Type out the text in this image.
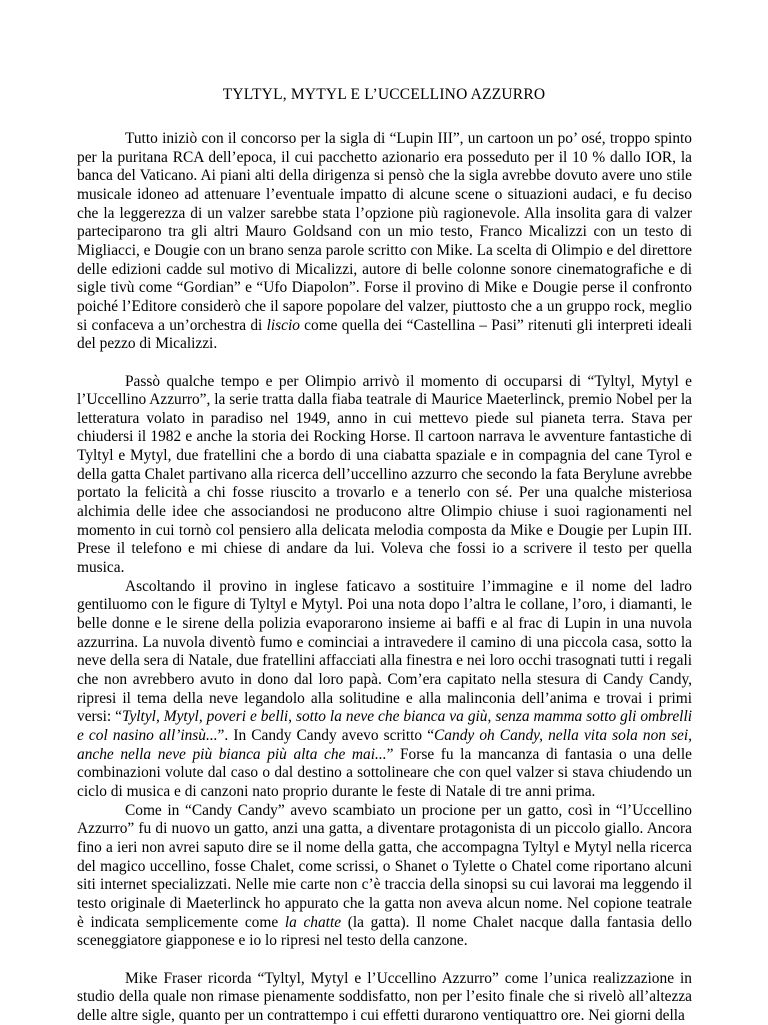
TYLTYL, MYTYL E L’UCCELLINO AZZURRO

Tutto iniziò con il concorso per la sigla di “Lupin III”, un cartoon un po’ osé, troppo spinto per la puritana RCA dell’epoca, il cui pacchetto azionario era posseduto per il 10 % dallo IOR, la banca del Vaticano. Ai piani alti della dirigenza si pensò che la sigla avrebbe dovuto avere uno stile musicale idoneo ad attenuare l’eventuale impatto di alcune scene o situazioni audaci, e fu deciso che la leggerezza di un valzer sarebbe stata l’opzione più ragionevole. Alla insolita gara di valzer parteciparono tra gli altri Mauro Goldsand con un mio testo, Franco Micalizzi con un testo di Migliacci, e Dougie con un brano senza parole scritto con Mike. La scelta di Olimpio e del direttore delle edizioni cadde sul motivo di Micalizzi, autore di belle colonne sonore cinematografiche e di sigle tivù come “Gordian” e “Ufo Diapolon”. Forse il provino di Mike e Dougie perse il confronto poiché l’Editore considerò che il sapore popolare del valzer, piuttosto che a un gruppo rock, meglio si confaceva a un’orchestra di liscio come quella dei “Castellina – Pasi” ritenuti gli interpreti ideali del pezzo di Micalizzi.

Passò qualche tempo e per Olimpio arrivò il momento di occuparsi di “Tyltyl, Mytyl e l’Uccellino Azzurro”, la serie tratta dalla fiaba teatrale di Maurice Maeterlinck, premio Nobel per la letteratura volato in paradiso nel 1949, anno in cui mettevo piede sul pianeta terra. Stava per chiudersi il 1982 e anche la storia dei Rocking Horse. Il cartoon narrava le avventure fantastiche di Tyltyl e Mytyl, due fratellini che a bordo di una ciabatta spaziale e in compagnia del cane Tyrol e della gatta Chalet partivano alla ricerca dell’uccellino azzurro che secondo la fata Berylune avrebbe portato la felicità a chi fosse riuscito a trovarlo e a tenerlo con sé. Per una qualche misteriosa alchimia delle idee che associandosi ne producono altre Olimpio chiuse i suoi ragionamenti nel momento in cui tornò col pensiero alla delicata melodia composta da Mike e Dougie per Lupin III. Prese il telefono e mi chiese di andare da lui. Voleva che fossi io a scrivere il testo per quella musica.

Ascoltando il provino in inglese faticavo a sostituire l’immagine e il nome del ladro gentiluomo con le figure di Tyltyl e Mytyl. Poi una nota dopo l’altra le collane, l’oro, i diamanti, le belle donne e le sirene della polizia evaporarono insieme ai baffi e al frac di Lupin in una nuvola azzurrina. La nuvola diventò fumo e cominciai a intravedere il camino di una piccola casa, sotto la neve della sera di Natale, due fratellini affacciati alla finestra e nei loro occhi trasognati tutti i regali che non avrebbero avuto in dono dal loro papà. Com’era capitato nella stesura di Candy Candy, ripresi il tema della neve legandolo alla solitudine e alla malinconia dell’anima e trovai i primi versi: “Tyltyl, Mytyl, poveri e belli, sotto la neve che bianca va giù, senza mamma sotto gli ombrelli e col nasino all’insù...”. In Candy Candy avevo scritto “Candy oh Candy, nella vita sola non sei, anche nella neve più bianca più alta che mai...” Forse fu la mancanza di fantasia o una delle combinazioni volute dal caso o dal destino a sottolineare che con quel valzer si stava chiudendo un ciclo di musica e di canzoni nato proprio durante le feste di Natale di tre anni prima.

Come in “Candy Candy” avevo scambiato un procione per un gatto, così in “l’Uccellino Azzurro” fu di nuovo un gatto, anzi una gatta, a diventare protagonista di un piccolo giallo. Ancora fino a ieri non avrei saputo dire se il nome della gatta, che accompagna Tyltyl e Mytyl nella ricerca del magico uccellino, fosse Chalet, come scrissi, o Shanet o Tylette o Chatel come riportano alcuni siti internet specializzati. Nelle mie carte non c’è traccia della sinopsi su cui lavorai ma leggendo il testo originale di Maeterlinck ho appurato che la gatta non aveva alcun nome. Nel copione teatrale è indicata semplicemente come la chatte (la gatta). Il nome Chalet nacque dalla fantasia dello sceneggiatore giapponese e io lo ripresi nel testo della canzone.

Mike Fraser ricorda “Tyltyl, Mytyl e l’Uccellino Azzurro” come l’unica realizzazione in studio della quale non rimase pienamente soddisfatto, non per l’esito finale che si rivelò all’altezza delle altre sigle, quanto per un contrattempo i cui effetti durarono ventiquattro ore. Nei giorni della
